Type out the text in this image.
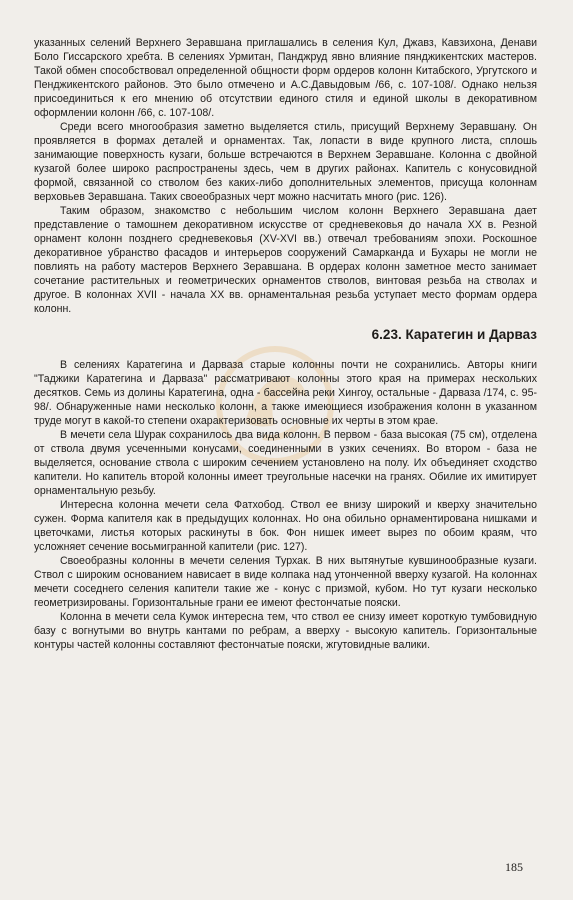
указанных селений Верхнего Зеравшана приглашались в селения Кул, Джавз, Кавзихона, Денави Боло Гиссарского хребта. В селениях Урмитан, Панджруд явно влияние пянджикентских мастеров. Такой обмен способствовал определенной общности форм ордеров колонн Китабского, Ургутского и Пенджикентского районов. Это было отмечено и А.С.Давыдовым /66, с. 107-108/. Однако нельзя присоединиться к его мнению об отсутствии единого стиля и единой школы в декоративном оформлении колонн /66, с. 107-108/.

Среди всего многообразия заметно выделяется стиль, присущий Верхнему Зеравшану. Он проявляется в формах деталей и орнаментах. Так, лопасти в виде крупного листа, сплошь занимающие поверхность кузаги, больше встречаются в Верхнем Зеравшане. Колонна с двойной кузагой более широко распространены здесь, чем в других районах. Капитель с конусовидной формой, связанной со стволом без каких-либо дополнительных элементов, присуща колоннам верховьев Зеравшана. Таких своеобразных черт можно насчитать много (рис. 126).

Таким образом, знакомство с небольшим числом колонн Верхнего Зеравшана дает представление о тамошнем декоративном искусстве от средневековья до начала XX в. Резной орнамент колонн позднего средневековья (XV-XVI вв.) отвечал требованиям эпохи. Роскошное декоративное убранство фасадов и интерьеров сооружений Самарканда и Бухары не могли не повлиять на работу мастеров Верхнего Зеравшана. В ордерах колонн заметное место занимает сочетание растительных и геометрических орнаментов стволов, винтовая резьба на стволах и другое. В колоннах XVII - начала XX вв. орнаментальная резьба уступает место формам ордера колонн.

6.23. Каратегин и Дарваз

В селениях Каратегина и Дарваза старые колонны почти не сохранились. Авторы книги "Таджики Каратегина и Дарваза" рассматривают колонны этого края на примерах нескольких десятков. Семь из долины Каратегина, одна - бассейна реки Хингоу, остальные - Дарваза /174, с. 95-98/. Обнаруженные нами несколько колонн, а также имеющиеся изображения колонн в указанном труде могут в какой-то степени охарактеризовать основные их черты в этом крае.

В мечети села Шурак сохранилось два вида колонн. В первом - база высокая (75 см), отделена от ствола двумя усеченными конусами, соединенными в узких сечениях. Во втором - база не выделяется, основание ствола с широким сечением установлено на полу. Их объединяет сходство капители. Но капитель второй колонны имеет треугольные насечки на гранях. Обилие их имитирует орнаментальную резьбу.

Интересна колонна мечети села Фатхобод. Ствол ее внизу широкий и кверху значительно сужен. Форма капителя как в предыдущих колоннах. Но она обильно орнаментирована нишками и цветочками, листья которых раскинуты в бок. Фон нишек имеет вырез по обоим краям, что усложняет сечение восьмигранной капители (рис. 127).

Своеобразны колонны в мечети селения Турхак. В них вытянутые кувшинообразные кузаги. Ствол с широким основанием нависает в виде колпака над утонченной вверху кузагой. На колоннах мечети соседнего селения капители такие же - конус с призмой, кубом. Но тут кузаги несколько геометризированы. Горизонтальные грани ее имеют фестончатые пояски.

Колонна в мечети села Кумок интересна тем, что ствол ее снизу имеет короткую тумбовидную базу с вогнутыми во внутрь кантами по ребрам, а вверху - высокую капитель. Горизонтальные контуры частей колонны составляют фестончатые пояски, жгутовидные валики.

185
